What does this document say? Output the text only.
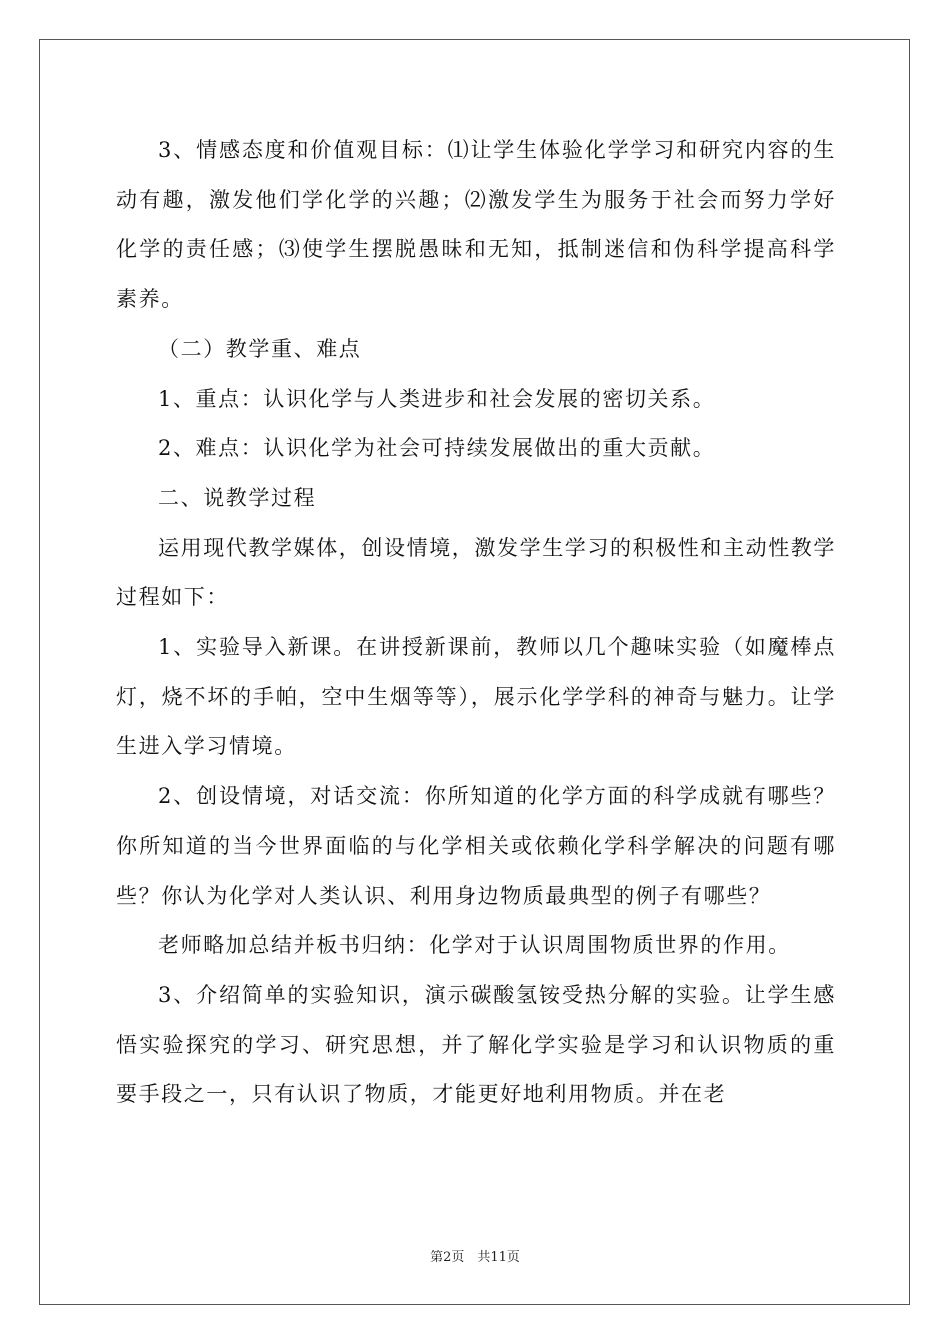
3、情感态度和价值观目标：⑴让学生体验化学学习和研究内容的生动有趣，激发他们学化学的兴趣；⑵激发学生为服务于社会而努力学好化学的责任感；⑶使学生摆脱愚昧和无知，抵制迷信和伪科学提高科学素养。

（二）教学重、难点

1、重点：认识化学与人类进步和社会发展的密切关系。

2、难点：认识化学为社会可持续发展做出的重大贡献。

二、说教学过程

运用现代教学媒体，创设情境，激发学生学习的积极性和主动性教学过程如下：

1、实验导入新课。在讲授新课前，教师以几个趣味实验（如魔棒点灯，烧不坏的手帕，空中生烟等等），展示化学学科的神奇与魅力。让学生进入学习情境。

2、创设情境，对话交流：你所知道的化学方面的科学成就有哪些？你所知道的当今世界面临的与化学相关或依赖化学科学解决的问题有哪些？你认为化学对人类认识、利用身边物质最典型的例子有哪些？

老师略加总结并板书归纳：化学对于认识周围物质世界的作用。

3、介绍简单的实验知识，演示碳酸氢铵受热分解的实验。让学生感悟实验探究的学习、研究思想，并了解化学实验是学习和认识物质的重要手段之一，只有认识了物质，才能更好地利用物质。并在老

第2页　共11页
